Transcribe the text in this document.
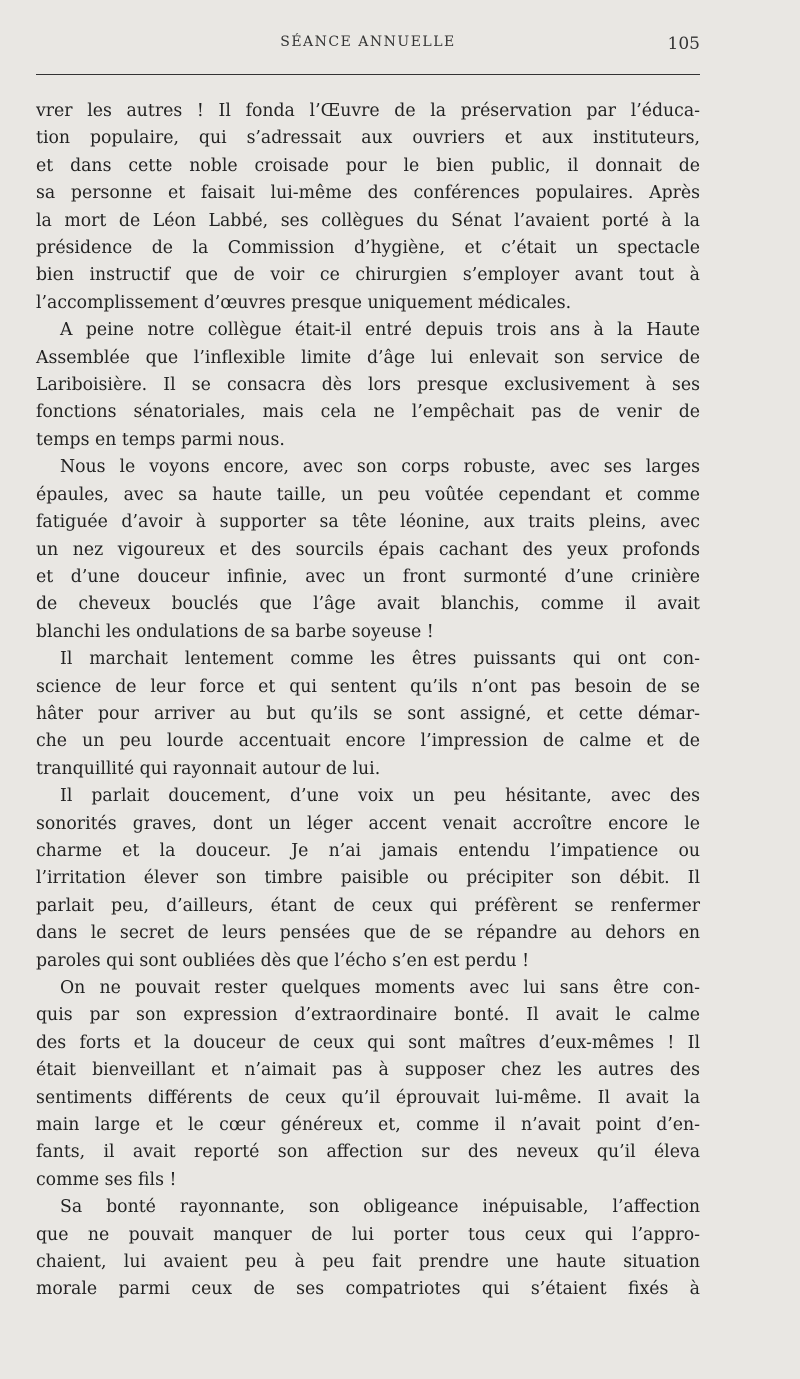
SÉANCE ANNUELLE	105

vrer les autres ! Il fonda l’Œuvre de la préservation par l’éduca-
tion populaire, qui s’adressait aux ouvriers et aux instituteurs,
et dans cette noble croisade pour le bien public, il donnait de
sa personne et faisait lui-même des conférences populaires. Après
la mort de Léon Labbé, ses collègues du Sénat l’avaient porté à la
présidence de la Commission d’hygiène, et c’était un spectacle
bien instructif que de voir ce chirurgien s’employer avant tout à
l’accomplissement d’œuvres presque uniquement médicales.

A peine notre collègue était-il entré depuis trois ans à la Haute
Assemblée que l’inflexible limite d’âge lui enlevait son service de
Lariboisière. Il se consacra dès lors presque exclusivement à ses
fonctions sénatoriales, mais cela ne l’empêchait pas de venir de
temps en temps parmi nous.

Nous le voyons encore, avec son corps robuste, avec ses larges
épaules, avec sa haute taille, un peu voûtée cependant et comme
fatiguée d’avoir à supporter sa tête léonine, aux traits pleins, avec
un nez vigoureux et des sourcils épais cachant des yeux profonds
et d’une douceur infinie, avec un front surmonté d’une crinière
de cheveux bouclés que l’âge avait blanchis, comme il avait
blanchi les ondulations de sa barbe soyeuse !

Il marchait lentement comme les êtres puissants qui ont con-
science de leur force et qui sentent qu’ils n’ont pas besoin de se
hâter pour arriver au but qu’ils se sont assigné, et cette démar-
che un peu lourde accentuait encore l’impression de calme et de
tranquillité qui rayonnait autour de lui.

Il parlait doucement, d’une voix un peu hésitante, avec des
sonorités graves, dont un léger accent venait accroître encore le
charme et la douceur. Je n’ai jamais entendu l’impatience ou
l’irritation élever son timbre paisible ou précipiter son débit. Il
parlait peu, d’ailleurs, étant de ceux qui préfèrent se renfermer
dans le secret de leurs pensées que de se répandre au dehors en
paroles qui sont oubliées dès que l’écho s’en est perdu !

On ne pouvait rester quelques moments avec lui sans être con-
quis par son expression d’extraordinaire bonté. Il avait le calme
des forts et la douceur de ceux qui sont maîtres d’eux-mêmes ! Il
était bienveillant et n’aimait pas à supposer chez les autres des
sentiments différents de ceux qu’il éprouvait lui-même. Il avait la
main large et le cœur généreux et, comme il n’avait point d’en-
fants, il avait reporté son affection sur des neveux qu’il éleva
comme ses fils !

Sa bonté rayonnante, son obligeance inépuisable, l’affection
que ne pouvait manquer de lui porter tous ceux qui l’appro-
chaient, lui avaient peu à peu fait prendre une haute situation
morale parmi ceux de ses compatriotes qui s’étaient fixés à
